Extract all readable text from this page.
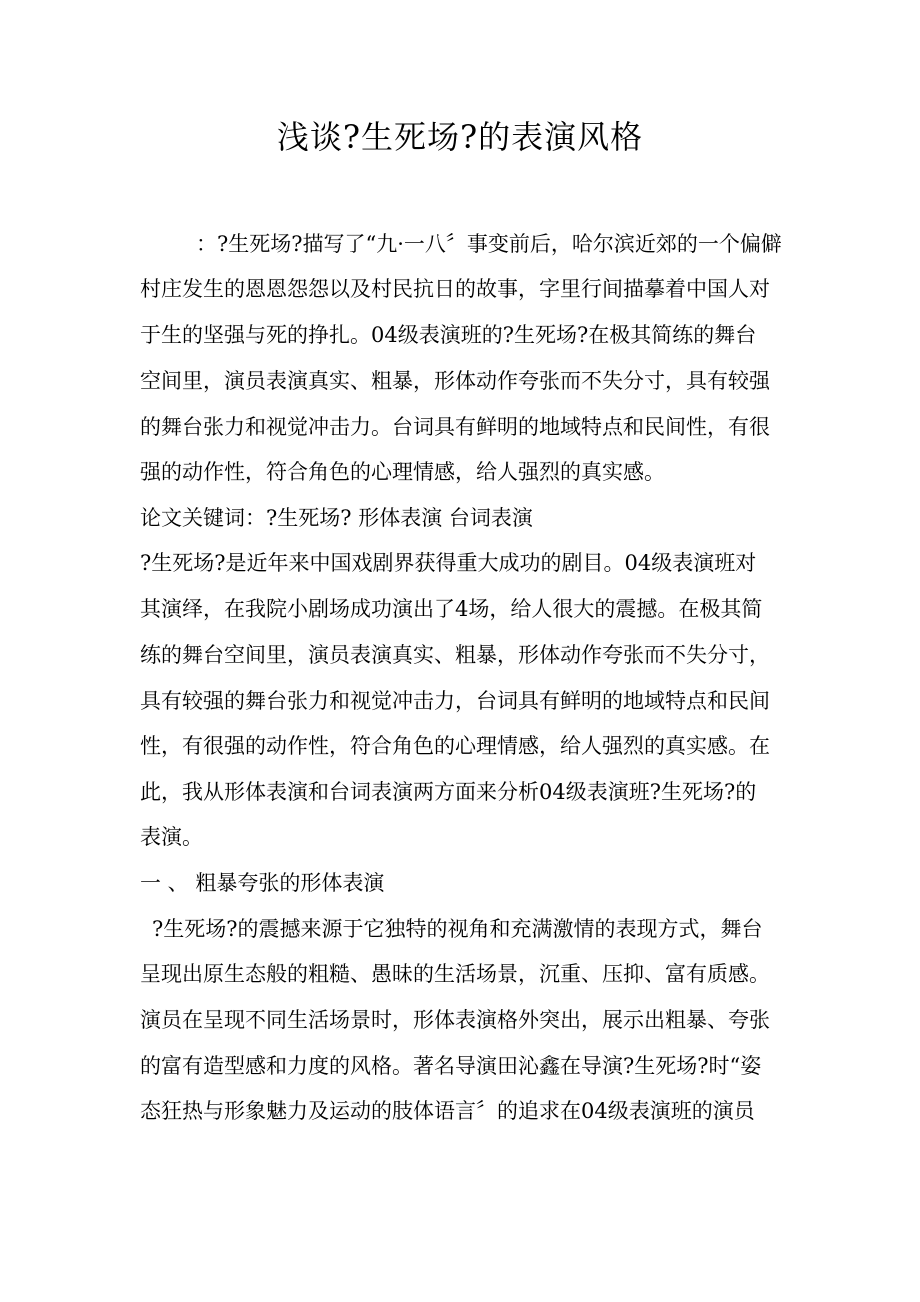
浅谈?生死场?的表演风格
：?生死场?描写了“九·一八〞事变前后，哈尔滨近郊的一个偏僻
村庄发生的恩恩怨怨以及村民抗日的故事，字里行间描摹着中国人对
于生的坚强与死的挣扎。04级表演班的?生死场?在极其简练的舞台
空间里，演员表演真实、粗暴，形体动作夸张而不失分寸，具有较强
的舞台张力和视觉冲击力。台词具有鲜明的地域特点和民间性，有很
强的动作性，符合角色的心理情感，给人强烈的真实感。
论文关键词：?生死场? 形体表演 台词表演
?生死场?是近年来中国戏剧界获得重大成功的剧目。04级表演班对
其演绎，在我院小剧场成功演出了4场，给人很大的震撼。在极其简
练的舞台空间里，演员表演真实、粗暴，形体动作夸张而不失分寸，
具有较强的舞台张力和视觉冲击力，台词具有鲜明的地域特点和民间
性，有很强的动作性，符合角色的心理情感，给人强烈的真实感。在
此，我从形体表演和台词表演两方面来分析04级表演班?生死场?的
表演。
一 、 粗暴夸张的形体表演
?生死场?的震撼来源于它独特的视角和充满激情的表现方式，舞台
呈现出原生态般的粗糙、愚昧的生活场景，沉重、压抑、富有质感。
演员在呈现不同生活场景时，形体表演格外突出，展示出粗暴、夸张
的富有造型感和力度的风格。著名导演田沁鑫在导演?生死场?时“姿
态狂热与形象魅力及运动的肢体语言〞的追求在04级表演班的演员
